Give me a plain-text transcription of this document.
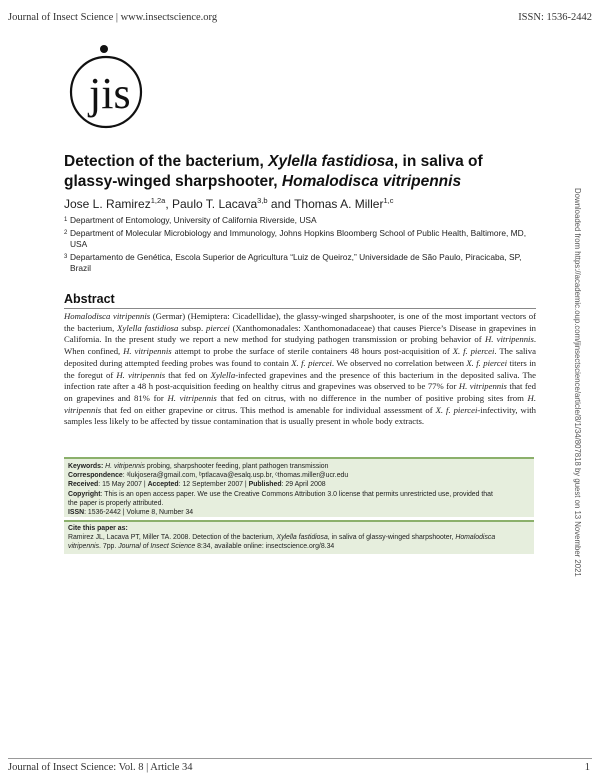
Journal of Insect Science | www.insectscience.org	ISSN: 1536-2442
jis
Detection of the bacterium, Xylella fastidiosa, in saliva of glassy-winged sharpshooter, Homalodisca vitripennis
Jose L. Ramirez$^{1,2a}$, Paulo T. Lacava$^{3,b}$ and Thomas A. Miller$^{1,c}$
1 Department of Entomology, University of California Riverside, USA
2 Department of Molecular Microbiology and Immunology, Johns Hopkins Bloomberg School of Public Health, Baltimore, MD, USA
3 Departamento de Genética, Escola Superior de Agricultura “Luiz de Queiroz,” Universidade de São Paulo, Piracicaba, SP, Brazil
Abstract
Homalodisca vitripennis (Germar) (Hemiptera: Cicadellidae), the glassy-winged sharpshooter, is one of the most important vectors of the bacterium, Xylella fastidiosa subsp. piercei (Xanthomonadales: Xanthomonadaceae) that causes Pierce’s Disease in grapevines in California. In the present study we report a new method for studying pathogen transmission or probing behavior of H. vitripennis. When confined, H. vitripennis attempt to probe the surface of sterile containers 48 hours post-acquisition of X. f. piercei. The saliva deposited during attempted feeding probes was found to contain X. f. piercei. We observed no correlation between X. f. piercei titers in the foregut of H. vitripennis that fed on Xylella-infected grapevines and the presence of this bacterium in the deposited saliva. The infection rate after a 48 h post-acquisition feeding on healthy citrus and grapevines was observed to be 77% for H. vitripennis that fed on grapevines and 81% for H. vitripennis that fed on citrus, with no difference in the number of positive probing sites from H. vitripennis that fed on either grapevine or citrus. This method is amenable for individual assessment of X. f. piercei-infectivity, with samples less likely to be affected by tissue contamination that is usually present in whole body extracts.
Keywords: H. vitripennis probing, sharpshooter feeding, plant pathogen transmission
Correspondence: ᵃlukjosera@gmail.com, ᵇptlacava@esalq.usp.br, ᶜthomas.miller@ucr.edu
Received: 15 May 2007 | Accepted: 12 September 2007 | Published: 29 April 2008
Copyright: This is an open access paper. We use the Creative Commons Attribution 3.0 license that permits unrestricted use, provided that
the paper is properly attributed.
ISSN: 1536-2442 | Volume 8, Number 34
Cite this paper as:
Ramirez JL, Lacava PT, Miller TA. 2008. Detection of the bacterium, Xylella fastidiosa, in saliva of glassy-winged sharpshooter, Homalodisca
vitripennis. 7pp. Journal of Insect Science 8:34, available online: insectscience.org/8.34	Downloaded from https://academic.oup.com/jinsectscience/article/8/1/34/807818 by guest on 13 November 2021
Journal of Insect Science: Vol. 8 | Article 34	1
